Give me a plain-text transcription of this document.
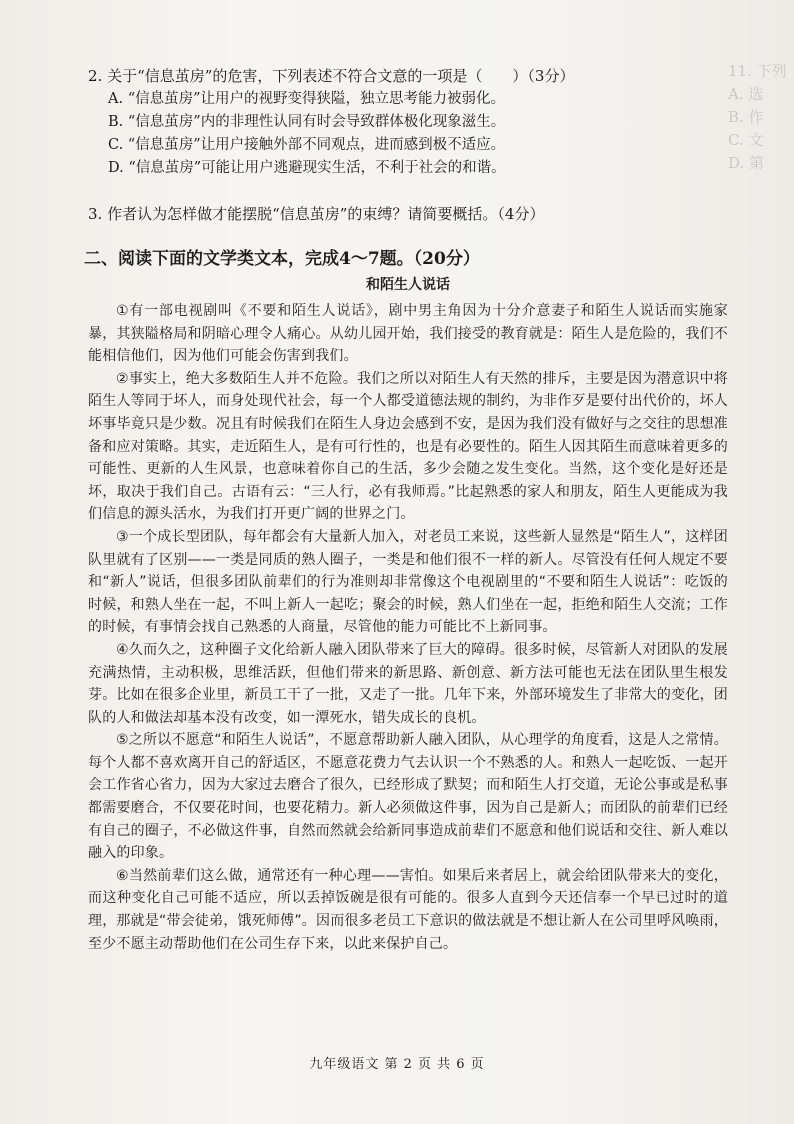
11. 下列
A. 选
B. 作
C. 文
D. 第

2. 关于“信息茧房”的危害，下列表述不符合文意的一项是（　　）（3分）

A. “信息茧房”让用户的视野变得狭隘，独立思考能力被弱化。

B. “信息茧房”内的非理性认同有时会导致群体极化现象滋生。

C. “信息茧房”让用户接触外部不同观点，进而感到极不适应。

D. “信息茧房”可能让用户逃避现实生活，不利于社会的和谐。

3. 作者认为怎样做才能摆脱“信息茧房”的束缚？请简要概括。（4分）

二、阅读下面的文学类文本，完成4～7题。（20分）

和陌生人说话

①有一部电视剧叫《不要和陌生人说话》，剧中男主角因为十分介意妻子和陌生人说话而实施家暴，其狭隘格局和阴暗心理令人痛心。从幼儿园开始，我们接受的教育就是：陌生人是危险的，我们不能相信他们，因为他们可能会伤害到我们。

②事实上，绝大多数陌生人并不危险。我们之所以对陌生人有天然的排斥，主要是因为潜意识中将陌生人等同于坏人，而身处现代社会，每一个人都受道德法规的制约，为非作歹是要付出代价的，坏人坏事毕竟只是少数。况且有时候我们在陌生人身边会感到不安，是因为我们没有做好与之交往的思想准备和应对策略。其实，走近陌生人，是有可行性的，也是有必要性的。陌生人因其陌生而意味着更多的可能性、更新的人生风景，也意味着你自己的生活，多少会随之发生变化。当然，这个变化是好还是坏，取决于我们自己。古语有云：“三人行，必有我师焉。”比起熟悉的家人和朋友，陌生人更能成为我们信息的源头活水，为我们打开更广阔的世界之门。

③一个成长型团队，每年都会有大量新人加入，对老员工来说，这些新人显然是“陌生人”，这样团队里就有了区别——一类是同质的熟人圈子，一类是和他们很不一样的新人。尽管没有任何人规定不要和“新人”说话，但很多团队前辈们的行为准则却非常像这个电视剧里的“不要和陌生人说话”：吃饭的时候，和熟人坐在一起，不叫上新人一起吃；聚会的时候，熟人们坐在一起，拒绝和陌生人交流；工作的时候，有事情会找自己熟悉的人商量，尽管他的能力可能比不上新同事。

④久而久之，这种圈子文化给新人融入团队带来了巨大的障碍。很多时候，尽管新人对团队的发展充满热情，主动积极，思维活跃，但他们带来的新思路、新创意、新方法可能也无法在团队里生根发芽。比如在很多企业里，新员工干了一批，又走了一批。几年下来，外部环境发生了非常大的变化，团队的人和做法却基本没有改变，如一潭死水，错失成长的良机。

⑤之所以不愿意“和陌生人说话”，不愿意帮助新人融入团队，从心理学的角度看，这是人之常情。每个人都不喜欢离开自己的舒适区，不愿意花费力气去认识一个不熟悉的人。和熟人一起吃饭、一起开会工作省心省力，因为大家过去磨合了很久，已经形成了默契；而和陌生人打交道，无论公事或是私事都需要磨合，不仅要花时间，也要花精力。新人必须做这件事，因为自己是新人；而团队的前辈们已经有自己的圈子，不必做这件事，自然而然就会给新同事造成前辈们不愿意和他们说话和交往、新人难以融入的印象。

⑥当然前辈们这么做，通常还有一种心理——害怕。如果后来者居上，就会给团队带来大的变化，而这种变化自己可能不适应，所以丢掉饭碗是很有可能的。很多人直到今天还信奉一个早已过时的道理，那就是“带会徒弟，饿死师傅”。因而很多老员工下意识的做法就是不想让新人在公司里呼风唤雨，至少不愿主动帮助他们在公司生存下来，以此来保护自己。

九年级语文 第 2 页 共 6 页
